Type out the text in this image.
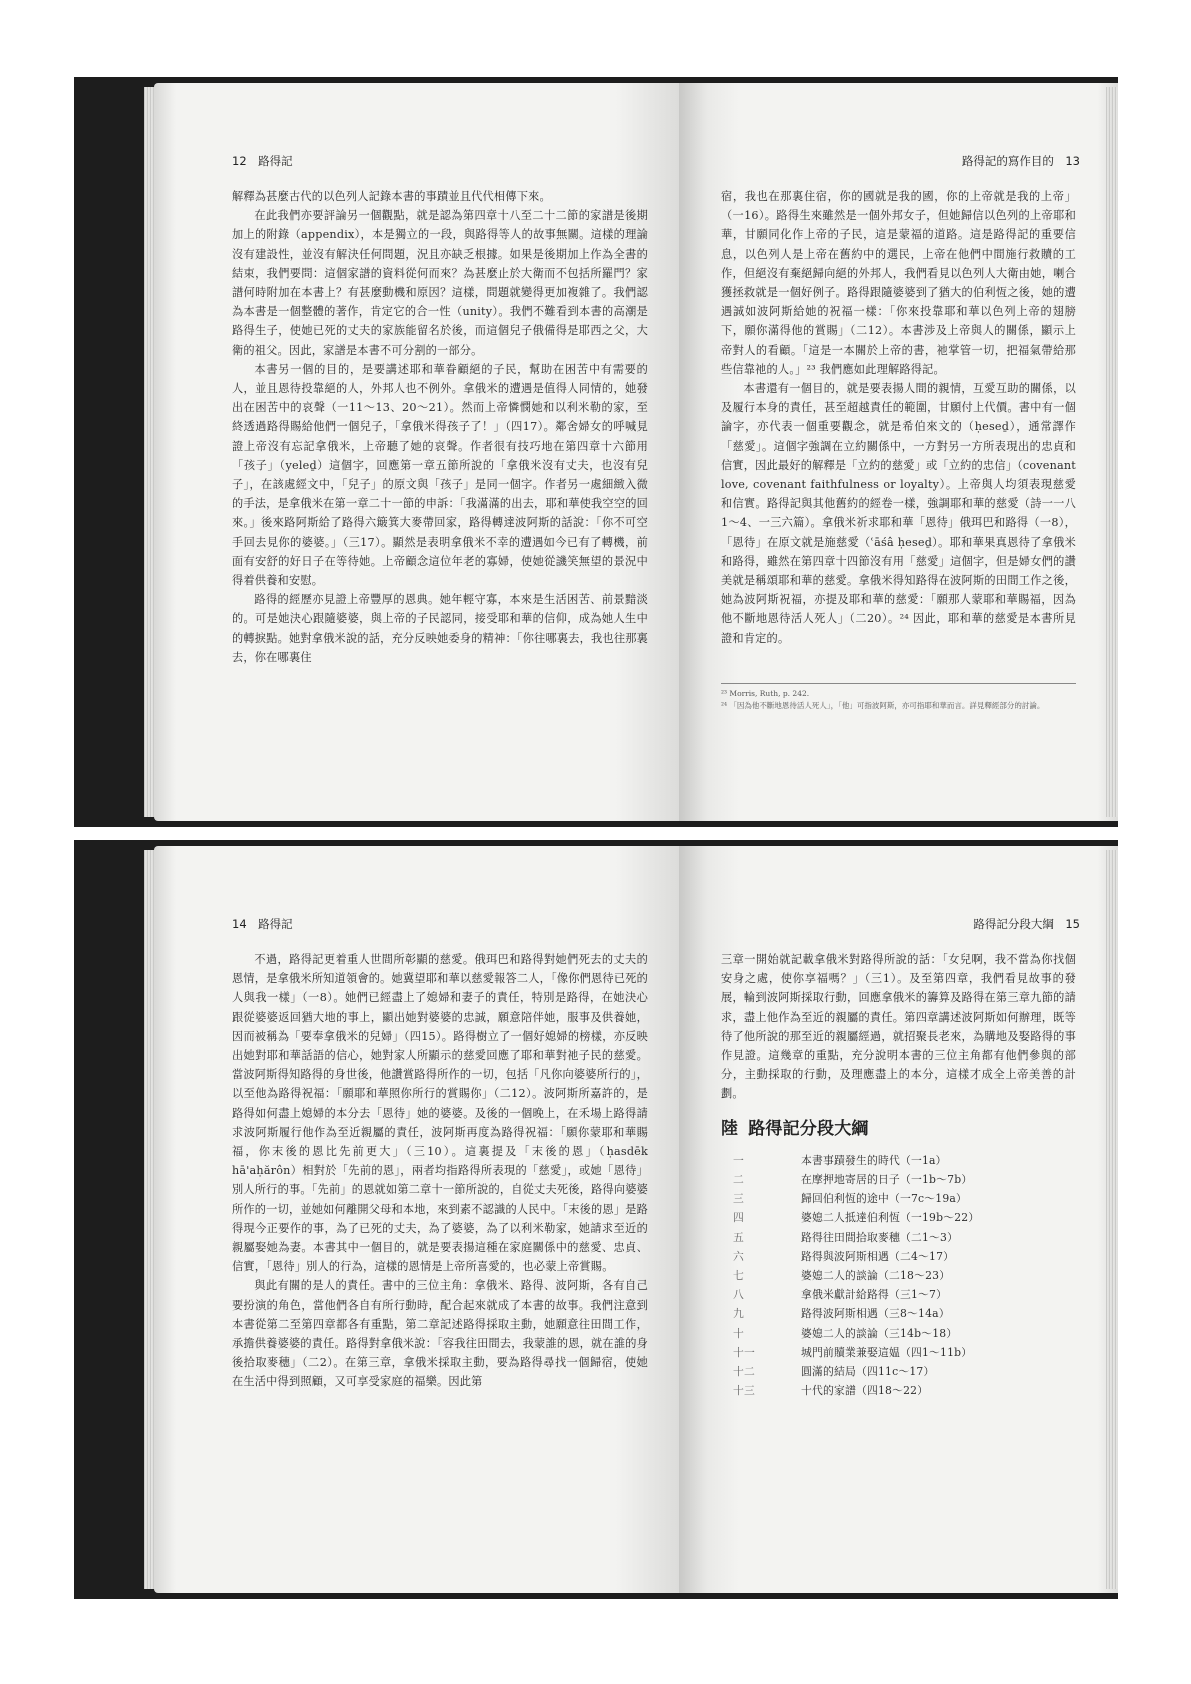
12　路得記

解釋為甚麼古代的以色列人記錄本書的事蹟並且代代相傳下來。

在此我們亦要評論另一個觀點，就是認為第四章十八至二十二節的家譜是後期加上的附錄（appendix），本是獨立的一段，與路得等人的故事無關。這樣的理論沒有建設性，並沒有解決任何問題，況且亦缺乏根據。如果是後期加上作為全書的結束，我們要問：這個家譜的資料從何而來？為甚麼止於大衛而不包括所羅門？家譜何時附加在本書上？有甚麼動機和原因？這樣，問題就變得更加複雜了。我們認為本書是一個整體的著作，肯定它的合一性（unity）。我們不難看到本書的高潮是路得生子，使她已死的丈夫的家族能留名於後，而這個兒子俄備得是耶西之父，大衛的祖父。因此，家譜是本書不可分割的一部分。

本書另一個的目的，是要講述耶和華眷顧絕的子民，幫助在困苦中有需要的人，並且恩待投靠絕的人，外邦人也不例外。拿俄米的遭遇是值得人同情的，她發出在困苦中的哀聲（一11～13、20～21）。然而上帝憐憫她和以利米勒的家，至終透過路得賜給他們一個兒子，「拿俄米得孩子了！」（四17）。鄰舍婦女的呼喊見證上帝沒有忘記拿俄米，上帝聽了她的哀聲。作者很有技巧地在第四章十六節用「孩子」（yeleḏ）這個字，回應第一章五節所說的「拿俄米沒有丈夫，也沒有兒子」，在該處經文中，「兒子」的原文與「孩子」是同一個字。作者另一處細緻入微的手法，是拿俄米在第一章二十一節的申訴：「我滿滿的出去，耶和華使我空空的回來。」後來路阿斯給了路得六簸箕大麥帶回家，路得轉達波阿斯的話說：「你不可空手回去見你的婆婆。」（三17）。顯然是表明拿俄米不幸的遭遇如今已有了轉機，前面有安舒的好日子在等待她。上帝顧念這位年老的寡婦，使她從譏笑無望的景況中得着供養和安慰。

路得的經歷亦見證上帝豐厚的恩典。她年輕守寡，本來是生活困苦、前景黯淡的。可是她決心跟隨婆婆，與上帝的子民認同，接受耶和華的信仰，成為她人生中的轉捩點。她對拿俄米說的話，充分反映她委身的精神：「你往哪裏去，我也往那裏去，你在哪裏住

路得記的寫作目的　13

宿，我也在那裏住宿，你的國就是我的國，你的上帝就是我的上帝」（一16）。路得生來雖然是一個外邦女子，但她歸信以色列的上帝耶和華，甘願同化作上帝的子民，這是蒙福的道路。這是路得記的重要信息，以色列人是上帝在舊約中的選民，上帝在他們中間施行救贖的工作，但絕沒有棄絕歸向絕的外邦人，我們看見以色列人大衛由她，喇合獲拯救就是一個好例子。路得跟隨婆婆到了猶大的伯利恆之後，她的遭遇誠如波阿斯給她的祝福一樣：「你來投靠耶和華以色列上帝的翅膀下，願你滿得他的賞賜」（二12）。本書涉及上帝與人的關係，顯示上帝對人的看顧。「這是一本關於上帝的書，祂掌管一切，把福氣帶給那些信靠祂的人。」²³ 我們應如此理解路得記。

本書還有一個目的，就是要表揚人間的親情，互愛互助的關係，以及履行本身的責任，甚至超越責任的範圍，甘願付上代價。書中有一個論字，亦代表一個重要觀念，就是希伯來文的（ḥeseḏ），通常譯作「慈愛」。這個字強調在立約關係中，一方對另一方所表現出的忠貞和信實，因此最好的解釋是「立約的慈愛」或「立約的忠信」（covenant love, covenant faithfulness or loyalty）。上帝與人均須表現慈愛和信實。路得記與其他舊約的經卷一樣，強調耶和華的慈愛（詩一一八1～4、一三六篇）。拿俄米祈求耶和華「恩待」俄珥巴和路得（一8），「恩待」在原文就是施慈愛（ʿāśâ ḥeseḏ）。耶和華果真恩待了拿俄米和路得，雖然在第四章十四節沒有用「慈愛」這個字，但是婦女們的讚美就是稱頌耶和華的慈愛。拿俄米得知路得在波阿斯的田間工作之後，她為波阿斯祝福，亦提及耶和華的慈愛：「願那人蒙耶和華賜福，因為他不斷地恩待活人死人」（二20）。²⁴ 因此，耶和華的慈愛是本書所見證和肯定的。

²³ Morris, Ruth, p. 242.
²⁴ 「因為他不斷地恩待活人死人」，「他」可指波阿斯，亦可指耶和華而言。詳見釋經部分的討論。
14　路得記

不過，路得記更着重人世間所彰顯的慈愛。俄珥巴和路得對她們死去的丈夫的恩情，是拿俄米所知道領會的。她冀望耶和華以慈愛報答二人，「像你們恩待已死的人與我一樣」（一8）。她們已經盡上了媳婦和妻子的責任，特別是路得，在她決心跟從婆婆返回猶大地的事上，顯出她對婆婆的忠誠，願意陪伴她，服事及供養她，因而被稱為「要奉拿俄米的兒婦」（四15）。路得樹立了一個好媳婦的榜樣，亦反映出她對耶和華話語的信心，她對家人所顯示的慈愛回應了耶和華對祂子民的慈愛。當波阿斯得知路得的身世後，他讚賞路得所作的一切，包括「凡你向婆婆所行的」，以至他為路得祝福：「願耶和華照你所行的賞賜你」（二12）。波阿斯所嘉許的，是路得如何盡上媳婦的本分去「恩待」她的婆婆。及後的一個晚上，在禾場上路得請求波阿斯履行他作為至近親屬的責任，波阿斯再度為路得祝福：「願你蒙耶和華賜福，你末後的恩比先前更大」（三10）。這裏提及「末後的恩」（ḥasdēk hā'aḥărôn）相對於「先前的恩」，兩者均指路得所表現的「慈愛」，或她「恩待」別人所行的事。「先前」的恩就如第二章十一節所說的，自從丈夫死後，路得向婆婆所作的一切，並她如何離開父母和本地，來到素不認識的人民中。「末後的恩」是路得現今正要作的事，為了已死的丈夫，為了婆婆，為了以利米勒家，她請求至近的親屬娶她為妻。本書其中一個目的，就是要表揚這種在家庭關係中的慈愛、忠貞、信實，「恩待」別人的行為，這樣的恩情是上帝所喜愛的，也必蒙上帝賞賜。

與此有關的是人的責任。書中的三位主角：拿俄米、路得、波阿斯，各有自己要扮演的角色，當他們各自有所行動時，配合起來就成了本書的故事。我們注意到本書從第二至第四章都各有重點，第二章記述路得採取主動，她願意往田間工作，承擔供養婆婆的責任。路得對拿俄米說：「容我往田間去，我蒙誰的恩，就在誰的身後拾取麥穗」（二2）。在第三章，拿俄米採取主動，要為路得尋找一個歸宿，使她在生活中得到照顧，又可享受家庭的福樂。因此第

路得記分段大綱　15

三章一開始就記載拿俄米對路得所說的話：「女兒啊，我不當為你找個安身之處，使你享福嗎？」（三1）。及至第四章，我們看見故事的發展，輪到波阿斯採取行動，回應拿俄米的籌算及路得在第三章九節的請求，盡上他作為至近的親屬的責任。第四章講述波阿斯如何辦理，既等待了他所說的那至近的親屬經過，就招聚長老來，為購地及娶路得的事作見證。這幾章的重點，充分說明本書的三位主角都有他們參與的部分，主動採取的行動，及理應盡上的本分，這樣才成全上帝美善的計劃。

陸 路得記分段大綱
一	本書事蹟發生的時代（一1a）
二	在摩押地寄居的日子（一1b～7b）
三	歸回伯利恆的途中（一7c～19a）
四	婆媳二人抵達伯利恆（一19b～22）
五	路得往田間拾取麥穗（二1～3）
六	路得與波阿斯相遇（二4～17）
七	婆媳二人的談論（二18～23）
八	拿俄米獻計給路得（三1～7）
九	路得波阿斯相遇（三8～14a）
十	婆媳二人的談論（三14b～18）
十一	城門前贖業兼娶這媪（四1～11b）
十二	圓滿的結局（四11c～17）
十三	十代的家譜（四18～22）
